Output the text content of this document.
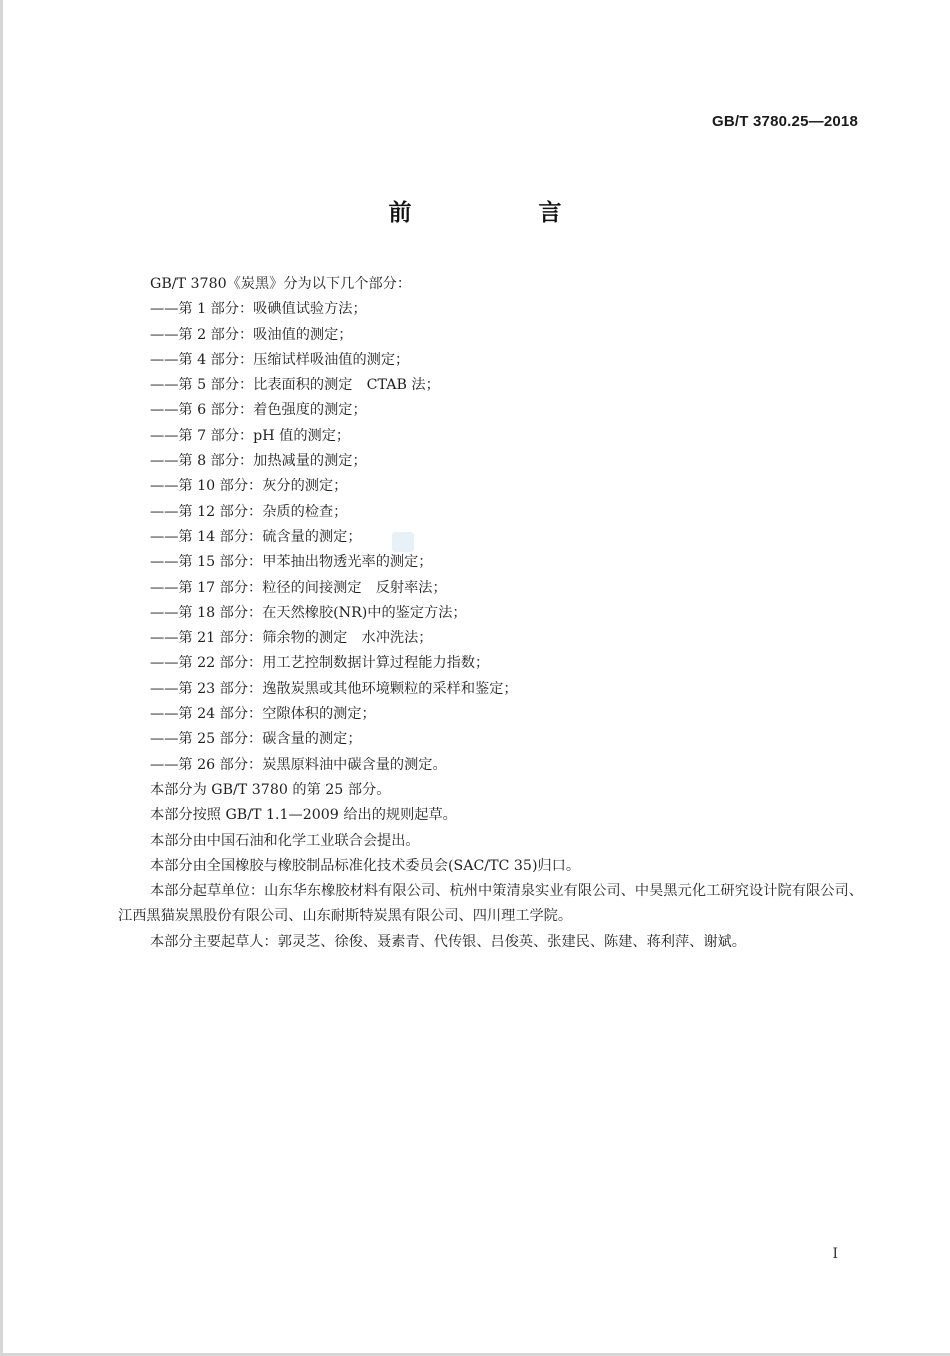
GB/T 3780.25—2018
前　言

GB/T 3780《炭黑》分为以下几个部分：

——第 1 部分：吸碘值试验方法；

——第 2 部分：吸油值的测定；

——第 4 部分：压缩试样吸油值的测定；

——第 5 部分：比表面积的测定　CTAB 法；

——第 6 部分：着色强度的测定；

——第 7 部分：pH 值的测定；

——第 8 部分：加热减量的测定；

——第 10 部分：灰分的测定；

——第 12 部分：杂质的检查；

——第 14 部分：硫含量的测定；

——第 15 部分：甲苯抽出物透光率的测定；

——第 17 部分：粒径的间接测定　反射率法；

——第 18 部分：在天然橡胶(NR)中的鉴定方法；

——第 21 部分：筛余物的测定　水冲洗法；

——第 22 部分：用工艺控制数据计算过程能力指数；

——第 23 部分：逸散炭黑或其他环境颗粒的采样和鉴定；

——第 24 部分：空隙体积的测定；

——第 25 部分：碳含量的测定；

——第 26 部分：炭黑原料油中碳含量的测定。

本部分为 GB/T 3780 的第 25 部分。

本部分按照 GB/T 1.1—2009 给出的规则起草。

本部分由中国石油和化学工业联合会提出。

本部分由全国橡胶与橡胶制品标准化技术委员会(SAC/TC 35)归口。

本部分起草单位：山东华东橡胶材料有限公司、杭州中策清泉实业有限公司、中昊黑元化工研究设计院有限公司、江西黑猫炭黑股份有限公司、山东耐斯特炭黑有限公司、四川理工学院。

本部分主要起草人：郭灵芝、徐俊、聂素青、代传银、吕俊英、张建民、陈建、蒋利萍、谢斌。

I
